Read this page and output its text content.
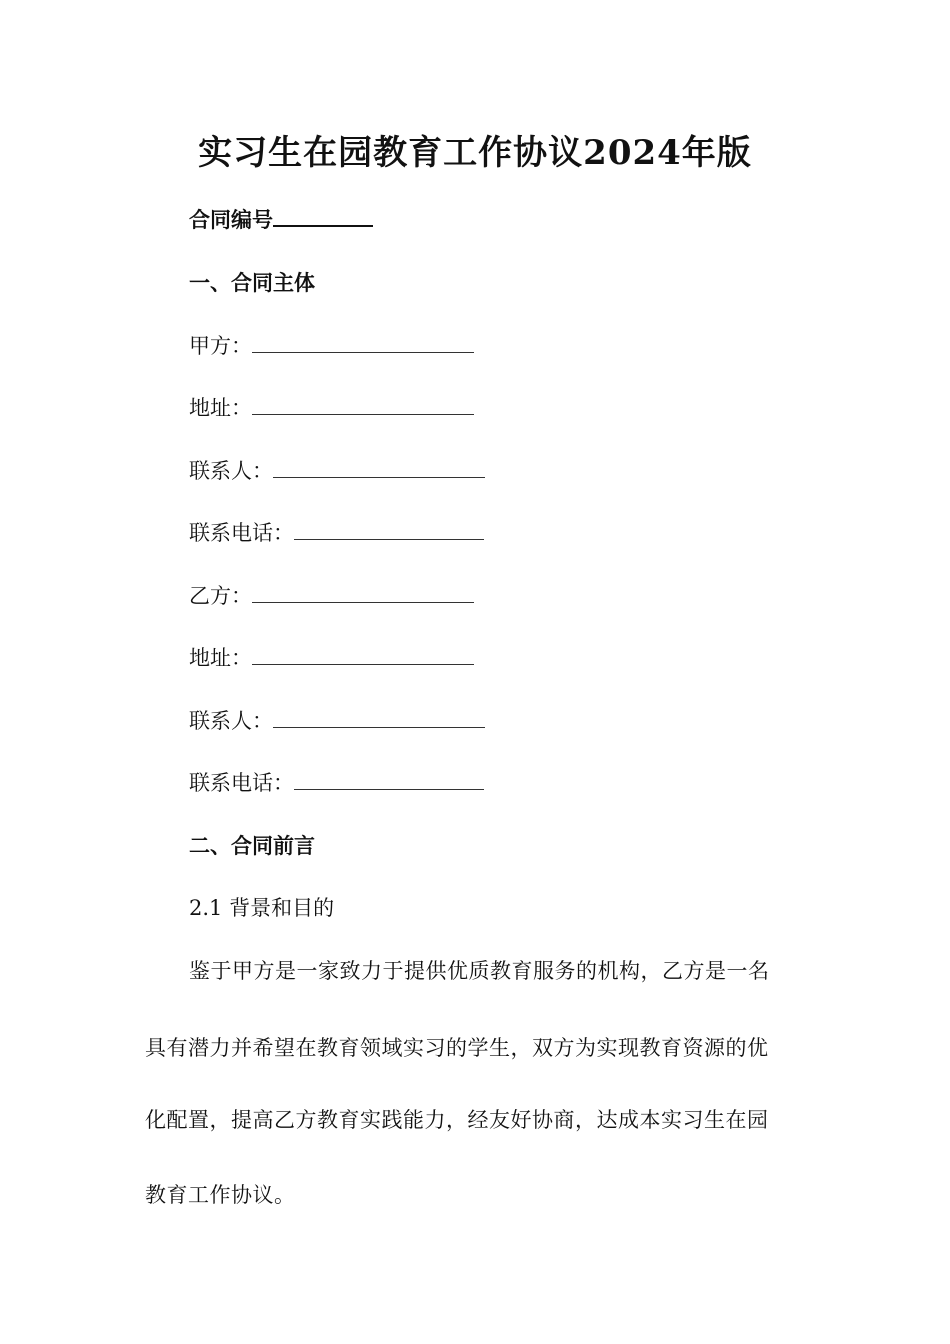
实习生在园教育工作协议2024年版
合同编号
一、合同主体
甲方：
地址：
联系人：
联系电话：
乙方：
地址：
联系人：
联系电话：
二、合同前言
2.1 背景和目的
鉴于甲方是一家致力于提供优质教育服务的机构，乙方是一名
具有潜力并希望在教育领域实习的学生，双方为实现教育资源的优
化配置，提高乙方教育实践能力，经友好协商，达成本实习生在园
教育工作协议。
